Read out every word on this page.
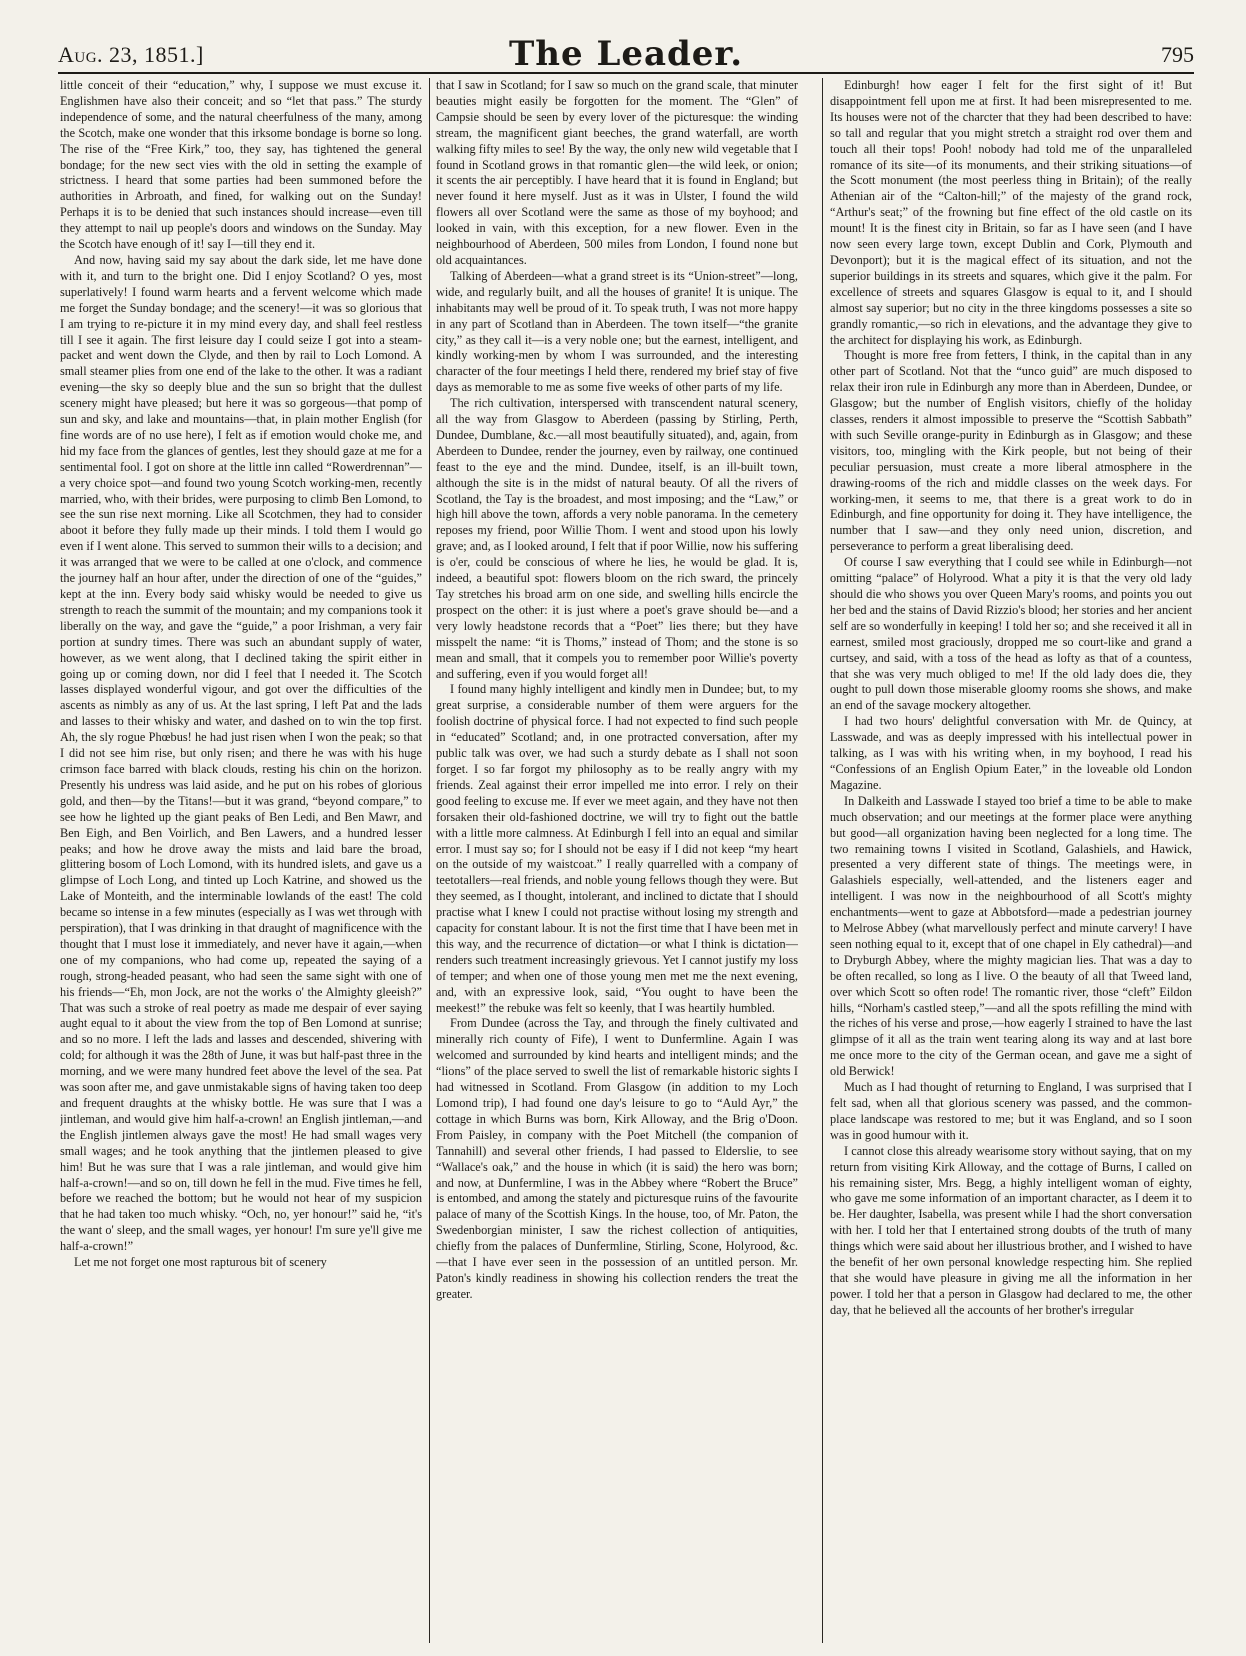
Aug. 23, 1851.]	The Leader.	795

little conceit of their “education,” why, I suppose we must excuse it. Englishmen have also their conceit; and so “let that pass.” The sturdy independence of some, and the natural cheerfulness of the many, among the Scotch, make one wonder that this irksome bondage is borne so long. The rise of the “Free Kirk,” too, they say, has tightened the general bondage; for the new sect vies with the old in setting the example of strictness. I heard that some parties had been summoned before the authorities in Arbroath, and fined, for walking out on the Sunday! Perhaps it is to be denied that such instances should increase—even till they attempt to nail up people's doors and windows on the Sunday. May the Scotch have enough of it! say I—till they end it.

And now, having said my say about the dark side, let me have done with it, and turn to the bright one. Did I enjoy Scotland? O yes, most superlatively! I found warm hearts and a fervent welcome which made me forget the Sunday bondage; and the scenery!—it was so glorious that I am trying to re-picture it in my mind every day, and shall feel restless till I see it again. The first leisure day I could seize I got into a steam-packet and went down the Clyde, and then by rail to Loch Lomond. A small steamer plies from one end of the lake to the other. It was a radiant evening—the sky so deeply blue and the sun so bright that the dullest scenery might have pleased; but here it was so gorgeous—that pomp of sun and sky, and lake and mountains—that, in plain mother English (for fine words are of no use here), I felt as if emotion would choke me, and hid my face from the glances of gentles, lest they should gaze at me for a sentimental fool. I got on shore at the little inn called “Rowerdrennan”—a very choice spot—and found two young Scotch working-men, recently married, who, with their brides, were purposing to climb Ben Lomond, to see the sun rise next morning. Like all Scotchmen, they had to consider aboot it before they fully made up their minds. I told them I would go even if I went alone. This served to summon their wills to a decision; and it was arranged that we were to be called at one o'clock, and commence the journey half an hour after, under the direction of one of the “guides,” kept at the inn. Every body said whisky would be needed to give us strength to reach the summit of the mountain; and my companions took it liberally on the way, and gave the “guide,” a poor Irishman, a very fair portion at sundry times. There was such an abundant supply of water, however, as we went along, that I declined taking the spirit either in going up or coming down, nor did I feel that I needed it. The Scotch lasses displayed wonderful vigour, and got over the difficulties of the ascents as nimbly as any of us. At the last spring, I left Pat and the lads and lasses to their whisky and water, and dashed on to win the top first. Ah, the sly rogue Phœbus! he had just risen when I won the peak; so that I did not see him rise, but only risen; and there he was with his huge crimson face barred with black clouds, resting his chin on the horizon. Presently his undress was laid aside, and he put on his robes of glorious gold, and then—by the Titans!—but it was grand, “beyond compare,” to see how he lighted up the giant peaks of Ben Ledi, and Ben Mawr, and Ben Eigh, and Ben Voirlich, and Ben Lawers, and a hundred lesser peaks; and how he drove away the mists and laid bare the broad, glittering bosom of Loch Lomond, with its hundred islets, and gave us a glimpse of Loch Long, and tinted up Loch Katrine, and showed us the Lake of Monteith, and the interminable lowlands of the east! The cold became so intense in a few minutes (especially as I was wet through with perspiration), that I was drinking in that draught of magnificence with the thought that I must lose it immediately, and never have it again,—when one of my companions, who had come up, repeated the saying of a rough, strong-headed peasant, who had seen the same sight with one of his friends—“Eh, mon Jock, are not the works o' the Almighty gleeish?” That was such a stroke of real poetry as made me despair of ever saying aught equal to it about the view from the top of Ben Lomond at sunrise; and so no more. I left the lads and lasses and descended, shivering with cold; for although it was the 28th of June, it was but half-past three in the morning, and we were many hundred feet above the level of the sea. Pat was soon after me, and gave unmistakable signs of having taken too deep and frequent draughts at the whisky bottle. He was sure that I was a jintleman, and would give him half-a-crown! an English jintleman,—and the English jintlemen always gave the most! He had small wages very small wages; and he took anything that the jintlemen pleased to give him! But he was sure that I was a rale jintleman, and would give him half-a-crown!—and so on, till down he fell in the mud. Five times he fell, before we reached the bottom; but he would not hear of my suspicion that he had taken too much whisky. “Och, no, yer honour!” said he, “it's the want o' sleep, and the small wages, yer honour! I'm sure ye'll give me half-a-crown!”

Let me not forget one most rapturous bit of scenery

that I saw in Scotland; for I saw so much on the grand scale, that minuter beauties might easily be forgotten for the moment. The “Glen” of Campsie should be seen by every lover of the picturesque: the winding stream, the magnificent giant beeches, the grand waterfall, are worth walking fifty miles to see! By the way, the only new wild vegetable that I found in Scotland grows in that romantic glen—the wild leek, or onion; it scents the air perceptibly. I have heard that it is found in England; but never found it here myself. Just as it was in Ulster, I found the wild flowers all over Scotland were the same as those of my boyhood; and looked in vain, with this exception, for a new flower. Even in the neighbourhood of Aberdeen, 500 miles from London, I found none but old acquaintances.

Talking of Aberdeen—what a grand street is its “Union-street”—long, wide, and regularly built, and all the houses of granite! It is unique. The inhabitants may well be proud of it. To speak truth, I was not more happy in any part of Scotland than in Aberdeen. The town itself—“the granite city,” as they call it—is a very noble one; but the earnest, intelligent, and kindly working-men by whom I was surrounded, and the interesting character of the four meetings I held there, rendered my brief stay of five days as memorable to me as some five weeks of other parts of my life.

The rich cultivation, interspersed with transcendent natural scenery, all the way from Glasgow to Aberdeen (passing by Stirling, Perth, Dundee, Dumblane, &c.—all most beautifully situated), and, again, from Aberdeen to Dundee, render the journey, even by railway, one continued feast to the eye and the mind. Dundee, itself, is an ill-built town, although the site is in the midst of natural beauty. Of all the rivers of Scotland, the Tay is the broadest, and most imposing; and the “Law,” or high hill above the town, affords a very noble panorama. In the cemetery reposes my friend, poor Willie Thom. I went and stood upon his lowly grave; and, as I looked around, I felt that if poor Willie, now his suffering is o'er, could be conscious of where he lies, he would be glad. It is, indeed, a beautiful spot: flowers bloom on the rich sward, the princely Tay stretches his broad arm on one side, and swelling hills encircle the prospect on the other: it is just where a poet's grave should be—and a very lowly headstone records that a “Poet” lies there; but they have misspelt the name: “it is Thoms,” instead of Thom; and the stone is so mean and small, that it compels you to remember poor Willie's poverty and suffering, even if you would forget all!

I found many highly intelligent and kindly men in Dundee; but, to my great surprise, a considerable number of them were arguers for the foolish doctrine of physical force. I had not expected to find such people in “educated” Scotland; and, in one protracted conversation, after my public talk was over, we had such a sturdy debate as I shall not soon forget. I so far forgot my philosophy as to be really angry with my friends. Zeal against their error impelled me into error. I rely on their good feeling to excuse me. If ever we meet again, and they have not then forsaken their old-fashioned doctrine, we will try to fight out the battle with a little more calmness. At Edinburgh I fell into an equal and similar error. I must say so; for I should not be easy if I did not keep “my heart on the outside of my waistcoat.” I really quarrelled with a company of teetotallers—real friends, and noble young fellows though they were. But they seemed, as I thought, intolerant, and inclined to dictate that I should practise what I knew I could not practise without losing my strength and capacity for constant labour. It is not the first time that I have been met in this way, and the recurrence of dictation—or what I think is dictation—renders such treatment increasingly grievous. Yet I cannot justify my loss of temper; and when one of those young men met me the next evening, and, with an expressive look, said, “You ought to have been the meekest!” the rebuke was felt so keenly, that I was heartily humbled.

From Dundee (across the Tay, and through the finely cultivated and minerally rich county of Fife), I went to Dunfermline. Again I was welcomed and surrounded by kind hearts and intelligent minds; and the “lions” of the place served to swell the list of remarkable historic sights I had witnessed in Scotland. From Glasgow (in addition to my Loch Lomond trip), I had found one day's leisure to go to “Auld Ayr,” the cottage in which Burns was born, Kirk Alloway, and the Brig o'Doon. From Paisley, in company with the Poet Mitchell (the companion of Tannahill) and several other friends, I had passed to Elderslie, to see “Wallace's oak,” and the house in which (it is said) the hero was born; and now, at Dunfermline, I was in the Abbey where “Robert the Bruce” is entombed, and among the stately and picturesque ruins of the favourite palace of many of the Scottish Kings. In the house, too, of Mr. Paton, the Swedenborgian minister, I saw the richest collection of antiquities, chiefly from the palaces of Dunfermline, Stirling, Scone, Holyrood, &c.—that I have ever seen in the possession of an untitled person. Mr. Paton's kindly readiness in showing his collection renders the treat the greater.

Edinburgh! how eager I felt for the first sight of it! But disappointment fell upon me at first. It had been misrepresented to me. Its houses were not of the charcter that they had been described to have: so tall and regular that you might stretch a straight rod over them and touch all their tops! Pooh! nobody had told me of the unparalleled romance of its site—of its monuments, and their striking situations—of the Scott monument (the most peerless thing in Britain); of the really Athenian air of the “Calton-hill;” of the majesty of the grand rock, “Arthur's seat;” of the frowning but fine effect of the old castle on its mount! It is the finest city in Britain, so far as I have seen (and I have now seen every large town, except Dublin and Cork, Plymouth and Devonport); but it is the magical effect of its situation, and not the superior buildings in its streets and squares, which give it the palm. For excellence of streets and squares Glasgow is equal to it, and I should almost say superior; but no city in the three kingdoms possesses a site so grandly romantic,—so rich in elevations, and the advantage they give to the architect for displaying his work, as Edinburgh.

Thought is more free from fetters, I think, in the capital than in any other part of Scotland. Not that the “unco guid” are much disposed to relax their iron rule in Edinburgh any more than in Aberdeen, Dundee, or Glasgow; but the number of English visitors, chiefly of the holiday classes, renders it almost impossible to preserve the “Scottish Sabbath” with such Seville orange-purity in Edinburgh as in Glasgow; and these visitors, too, mingling with the Kirk people, but not being of their peculiar persuasion, must create a more liberal atmosphere in the drawing-rooms of the rich and middle classes on the week days. For working-men, it seems to me, that there is a great work to do in Edinburgh, and fine opportunity for doing it. They have intelligence, the number that I saw—and they only need union, discretion, and perseverance to perform a great liberalising deed.

Of course I saw everything that I could see while in Edinburgh—not omitting “palace” of Holyrood. What a pity it is that the very old lady should die who shows you over Queen Mary's rooms, and points you out her bed and the stains of David Rizzio's blood; her stories and her ancient self are so wonderfully in keeping! I told her so; and she received it all in earnest, smiled most graciously, dropped me so court-like and grand a curtsey, and said, with a toss of the head as lofty as that of a countess, that she was very much obliged to me! If the old lady does die, they ought to pull down those miserable gloomy rooms she shows, and make an end of the savage mockery altogether.

I had two hours' delightful conversation with Mr. de Quincy, at Lasswade, and was as deeply impressed with his intellectual power in talking, as I was with his writing when, in my boyhood, I read his “Confessions of an English Opium Eater,” in the loveable old London Magazine.

In Dalkeith and Lasswade I stayed too brief a time to be able to make much observation; and our meetings at the former place were anything but good—all organization having been neglected for a long time. The two remaining towns I visited in Scotland, Galashiels, and Hawick, presented a very different state of things. The meetings were, in Galashiels especially, well-attended, and the listeners eager and intelligent. I was now in the neighbourhood of all Scott's mighty enchantments—went to gaze at Abbotsford—made a pedestrian journey to Melrose Abbey (what marvellously perfect and minute carvery! I have seen nothing equal to it, except that of one chapel in Ely cathedral)—and to Dryburgh Abbey, where the mighty magician lies. That was a day to be often recalled, so long as I live. O the beauty of all that Tweed land, over which Scott so often rode! The romantic river, those “cleft” Eildon hills, “Norham's castled steep,”—and all the spots refilling the mind with the riches of his verse and prose,—how eagerly I strained to have the last glimpse of it all as the train went tearing along its way and at last bore me once more to the city of the German ocean, and gave me a sight of old Berwick!

Much as I had thought of returning to England, I was surprised that I felt sad, when all that glorious scenery was passed, and the common-place landscape was restored to me; but it was England, and so I soon was in good humour with it.

I cannot close this already wearisome story without saying, that on my return from visiting Kirk Alloway, and the cottage of Burns, I called on his remaining sister, Mrs. Begg, a highly intelligent woman of eighty, who gave me some information of an important character, as I deem it to be. Her daughter, Isabella, was present while I had the short conversation with her. I told her that I entertained strong doubts of the truth of many things which were said about her illustrious brother, and I wished to have the benefit of her own personal knowledge respecting him. She replied that she would have pleasure in giving me all the information in her power. I told her that a person in Glasgow had declared to me, the other day, that he believed all the accounts of her brother's irregular
